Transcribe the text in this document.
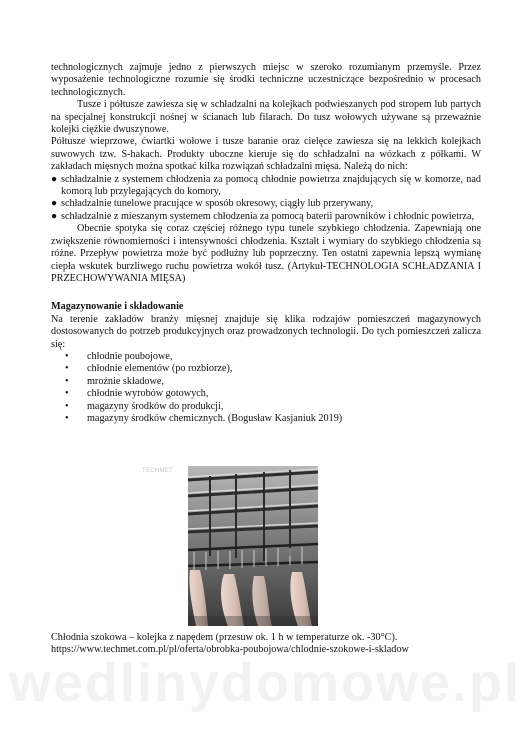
technologicznych zajmuje jedno z pierwszych miejsc w szeroko rozumianym przemyśle. Przez wyposażenie technologiczne rozumie się środki techniczne uczestniczące bezpośrednio w procesach technologicznych.

Tusze i półtusze zawiesza się w schładzalni na kolejkach podwieszanych pod stropem lub partych na specjalnej konstrukcji nośnej w ścianach lub filarach. Do tusz wołowych używane są przeważnie kolejki ciężkie dwuszynowe.

Półtusze wieprzowe, ćwiartki wołowe i tusze baranie oraz cielęce zawiesza się na lekkich kolejkach suwowych tzw. S-hakach. Produkty uboczne kieruje się do schładzalni na wózkach z półkami. W zakładach mięsnych można spotkać kilka rozwiązań schładzalni mięsa. Należą do nich:

● schładzalnie z systemem chłodzenia za pomocą chłodnie powietrza znajdujących się w komorze, nad komorą lub przylegających do komory,
● schładzalnie tunelowe pracujące w sposób okresowy, ciągły lub przerywany,
● schładzalnie z mieszanym systemem chłodzenia za pomocą baterii parowników i chłodnic powietrza,

Obecnie spotyka się coraz częściej różnego typu tunele szybkiego chłodzenia. Zapewniają one zwiększenie równomierności i intensywności chłodzenia. Kształt i wymiary do szybkiego chłodzenia są różne. Przepływ powietrza może być podłużny lub poprzeczny. Ten ostatni zapewnia lepszą wymianę ciepła wskutek burzliwego ruchu powietrza wokół tusz. (Artykuł-TECHNOLOGIA SCHŁADZANIA I PRZECHOWYWANIA MIĘSA)

Magazynowanie i składowanie

Na terenie zakładów branży mięsnej znajduje się klika rodzajów pomieszczeń magazynowych dostosowanych do potrzeb produkcyjnych oraz prowadzonych technologii. Do tych pomieszczeń zalicza się:

• chłodnie poubojowe,
• chłodnie elementów (po rozbiorze),
• mroźnie składowe,
• chłodnie wyrobów gotowych,
• magazyny środków do produkcji,
• magazyny środków chemicznych. (Bogusław Kasjaniuk 2019)
TECHMET
Chłodnia szokowa – kolejka z napędem (przesuw ok. 1 h w temperaturze ok. -30°C).
https://www.techmet.com.pl/pl/oferta/obrobka-poubojowa/chlodnie-szokowe-i-skladow
wedlinydomowe.pl
